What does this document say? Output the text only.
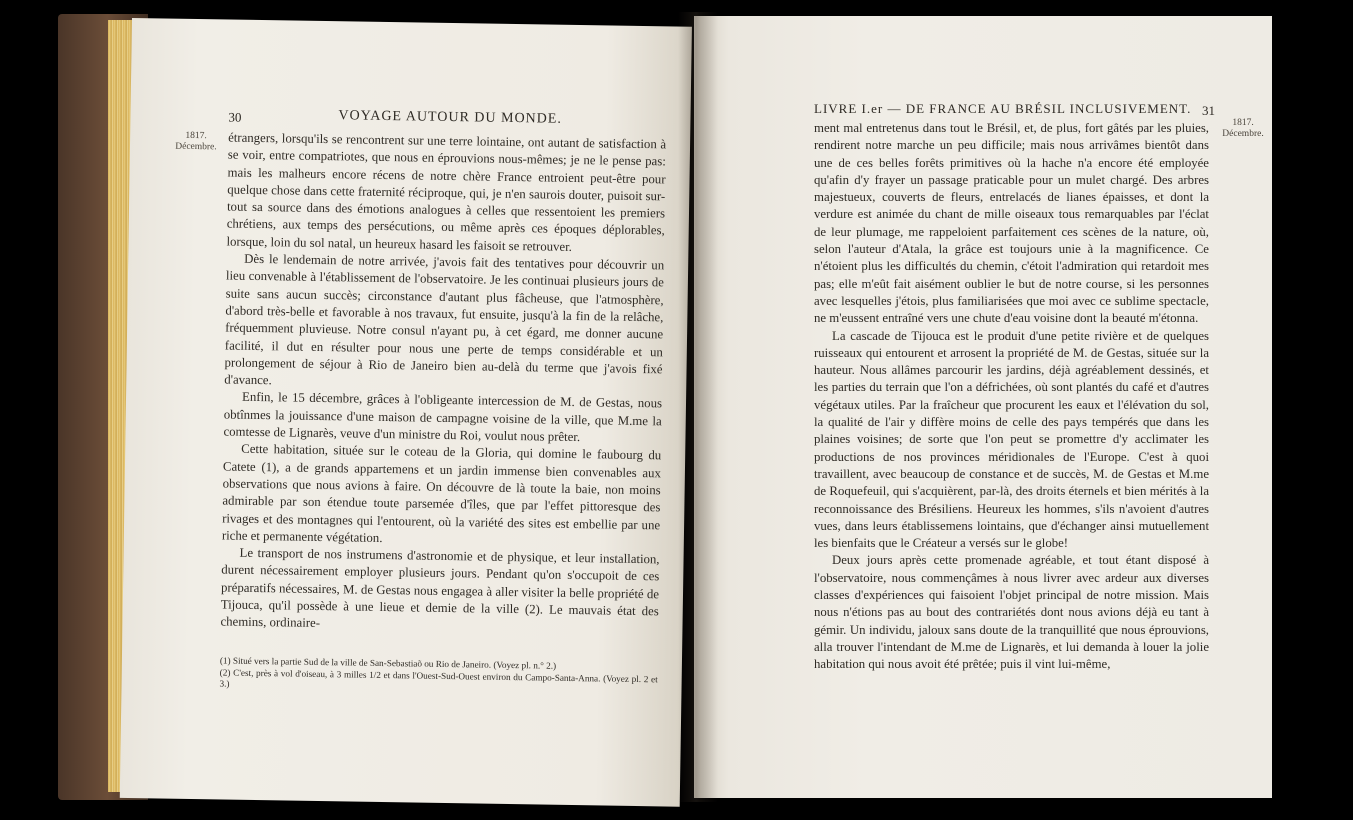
30	VOYAGE AUTOUR DU MONDE.
1817.
Décembre. étrangers, lorsqu'ils se rencontrent sur une terre lointaine, ont autant de satisfaction à se voir, entre compatriotes, que nous en éprouvions nous-mêmes; je ne le pense pas: mais les malheurs encore récens de notre chère France entroient peut-être pour quelque chose dans cette fraternité réciproque, qui, je n'en saurois douter, puisoit sur-tout sa source dans des émotions analogues à celles que ressentoient les premiers chrétiens, aux temps des persécutions, ou même après ces époques déplorables, lorsque, loin du sol natal, un heureux hasard les faisoit se retrouver.

Dès le lendemain de notre arrivée, j'avois fait des tentatives pour découvrir un lieu convenable à l'établissement de l'observatoire. Je les continuai plusieurs jours de suite sans aucun succès; circonstance d'autant plus fâcheuse, que l'atmosphère, d'abord très-belle et favorable à nos travaux, fut ensuite, jusqu'à la fin de la relâche, fréquemment pluvieuse. Notre consul n'ayant pu, à cet égard, me donner aucune facilité, il dut en résulter pour nous une perte de temps considérable et un prolongement de séjour à Rio de Janeiro bien au-delà du terme que j'avois fixé d'avance.

Enfin, le 15 décembre, grâces à l'obligeante intercession de M. de Gestas, nous obtînmes la jouissance d'une maison de campagne voisine de la ville, que M.me la comtesse de Lignarès, veuve d'un ministre du Roi, voulut nous prêter.

Cette habitation, située sur le coteau de la Gloria, qui domine le faubourg du Catete (1), a de grands appartemens et un jardin immense bien convenables aux observations que nous avions à faire. On découvre de là toute la baie, non moins admirable par son étendue toute parsemée d'îles, que par l'effet pittoresque des rivages et des montagnes qui l'entourent, où la variété des sites est embellie par une riche et permanente végétation.

Le transport de nos instrumens d'astronomie et de physique, et leur installation, durent nécessairement employer plusieurs jours. Pendant qu'on s'occupoit de ces préparatifs nécessaires, M. de Gestas nous engagea à aller visiter la belle propriété de Tijouca, qu'il possède à une lieue et demie de la ville (2). Le mauvais état des chemins, ordinaire-

(1) Situé vers la partie Sud de la ville de San-Sebastiaõ ou Rio de Janeiro. (Voyez pl. n.° 2.)

(2) C'est, près à vol d'oiseau, à 3 milles 1/2 et dans l'Ouest-Sud-Ouest environ du Campo-Santa-Anna. (Voyez pl. 2 et 3.)

LIVRE I.er — DE FRANCE AU BRÉSIL INCLUSIVEMENT. 31
1817.
Décembre.

ment mal entretenus dans tout le Brésil, et, de plus, fort gâtés par les pluies, rendirent notre marche un peu difficile; mais nous arrivâmes bientôt dans une de ces belles forêts primitives où la hache n'a encore été employée qu'afin d'y frayer un passage praticable pour un mulet chargé. Des arbres majestueux, couverts de fleurs, entrelacés de lianes épaisses, et dont la verdure est animée du chant de mille oiseaux tous remarquables par l'éclat de leur plumage, me rappeloient parfaitement ces scènes de la nature, où, selon l'auteur d'Atala, la grâce est toujours unie à la magnificence. Ce n'étoient plus les difficultés du chemin, c'étoit l'admiration qui retardoit mes pas; elle m'eût fait aisément oublier le but de notre course, si les personnes avec lesquelles j'étois, plus familiarisées que moi avec ce sublime spectacle, ne m'eussent entraîné vers une chute d'eau voisine dont la beauté m'étonna.

La cascade de Tijouca est le produit d'une petite rivière et de quelques ruisseaux qui entourent et arrosent la propriété de M. de Gestas, située sur la hauteur. Nous allâmes parcourir les jardins, déjà agréablement dessinés, et les parties du terrain que l'on a défrichées, où sont plantés du café et d'autres végétaux utiles. Par la fraîcheur que procurent les eaux et l'élévation du sol, la qualité de l'air y diffère moins de celle des pays tempérés que dans les plaines voisines; de sorte que l'on peut se promettre d'y acclimater les productions de nos provinces méridionales de l'Europe. C'est à quoi travaillent, avec beaucoup de constance et de succès, M. de Gestas et M.me de Roquefeuil, qui s'acquièrent, par-là, des droits éternels et bien mérités à la reconnoissance des Brésiliens. Heureux les hommes, s'ils n'avoient d'autres vues, dans leurs établissemens lointains, que d'échanger ainsi mutuellement les bienfaits que le Créateur a versés sur le globe!

Deux jours après cette promenade agréable, et tout étant disposé à l'observatoire, nous commençâmes à nous livrer avec ardeur aux diverses classes d'expériences qui faisoient l'objet principal de notre mission. Mais nous n'étions pas au bout des contrariétés dont nous avions déjà eu tant à gémir. Un individu, jaloux sans doute de la tranquillité que nous éprouvions, alla trouver l'intendant de M.me de Lignarès, et lui demanda à louer la jolie habitation qui nous avoit été prêtée; puis il vint lui-même,
